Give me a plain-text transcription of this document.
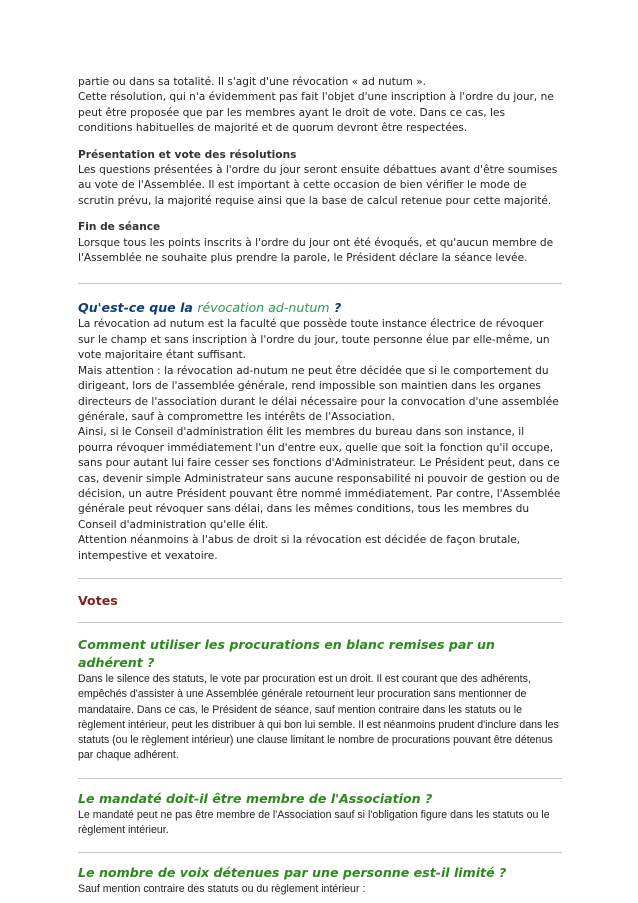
partie ou dans sa totalité. Il s'agit d'une révocation « ad nutum ».

Cette résolution, qui n'a évidemment pas fait l'objet d'une inscription à l'ordre du jour, ne peut être proposée que par les membres ayant le droit de vote. Dans ce cas, les conditions habituelles de majorité et de quorum devront être respectées.

Présentation et vote des résolutions

Les questions présentées à l'ordre du jour seront ensuite débattues avant d'être soumises au vote de l'Assemblée. Il est important à cette occasion de bien vérifier le mode de scrutin prévu, la majorité requise ainsi que la base de calcul retenue pour cette majorité.

Fin de séance

Lorsque tous les points inscrits à l'ordre du jour ont été évoqués, et qu'aucun membre de l'Assemblée ne souhaite plus prendre la parole, le Président déclare la séance levée.

Qu'est-ce que la révocation ad-nutum ?

La révocation ad nutum est la faculté que possède toute instance électrice de révoquer sur le champ et sans inscription à l'ordre du jour, toute personne élue par elle-même, un vote majoritaire étant suffisant.

Mais attention : la révocation ad-nutum ne peut être décidée que si le comportement du dirigeant, lors de l'assemblée générale, rend impossible son maintien dans les organes directeurs de l'association durant le délai nécessaire pour la convocation d'une assemblée générale, sauf à compromettre les intérêts de l'Association.

Ainsi, si le Conseil d'administration élit les membres du bureau dans son instance, il pourra révoquer immédiatement l'un d'entre eux, quelle que soit la fonction qu'il occupe, sans pour autant lui faire cesser ses fonctions d'Administrateur. Le Président peut, dans ce cas, devenir simple Administrateur sans aucune responsabilité ni pouvoir de gestion ou de décision, un autre Président pouvant être nommé immédiatement. Par contre, l'Assemblée générale peut révoquer sans délai, dans les mêmes conditions, tous les membres du Conseil d'administration qu'elle élit.

Attention néanmoins à l'abus de droit si la révocation est décidée de façon brutale, intempestive et vexatoire.

Votes
Comment utiliser les procurations en blanc remises par un adhérent ?

Dans le silence des statuts, le vote par procuration est un droit. Il est courant que des adhérents, empêchés d'assister à une Assemblée générale retournent leur procuration sans mentionner de mandataire. Dans ce cas, le Président de séance, sauf mention contraire dans les statuts ou le règlement intérieur, peut les distribuer à qui bon lui semble. Il est néanmoins prudent d'inclure dans les statuts (ou le règlement intérieur) une clause limitant le nombre de procurations pouvant être détenus par chaque adhérent.

Le mandaté doit-il être membre de l'Association ?

Le mandaté peut ne pas être membre de l'Association sauf si l'obligation figure dans les statuts ou le règlement intérieur.

Le nombre de voix détenues par une personne est-il limité ?

Sauf mention contraire des statuts ou du règlement intérieur :
